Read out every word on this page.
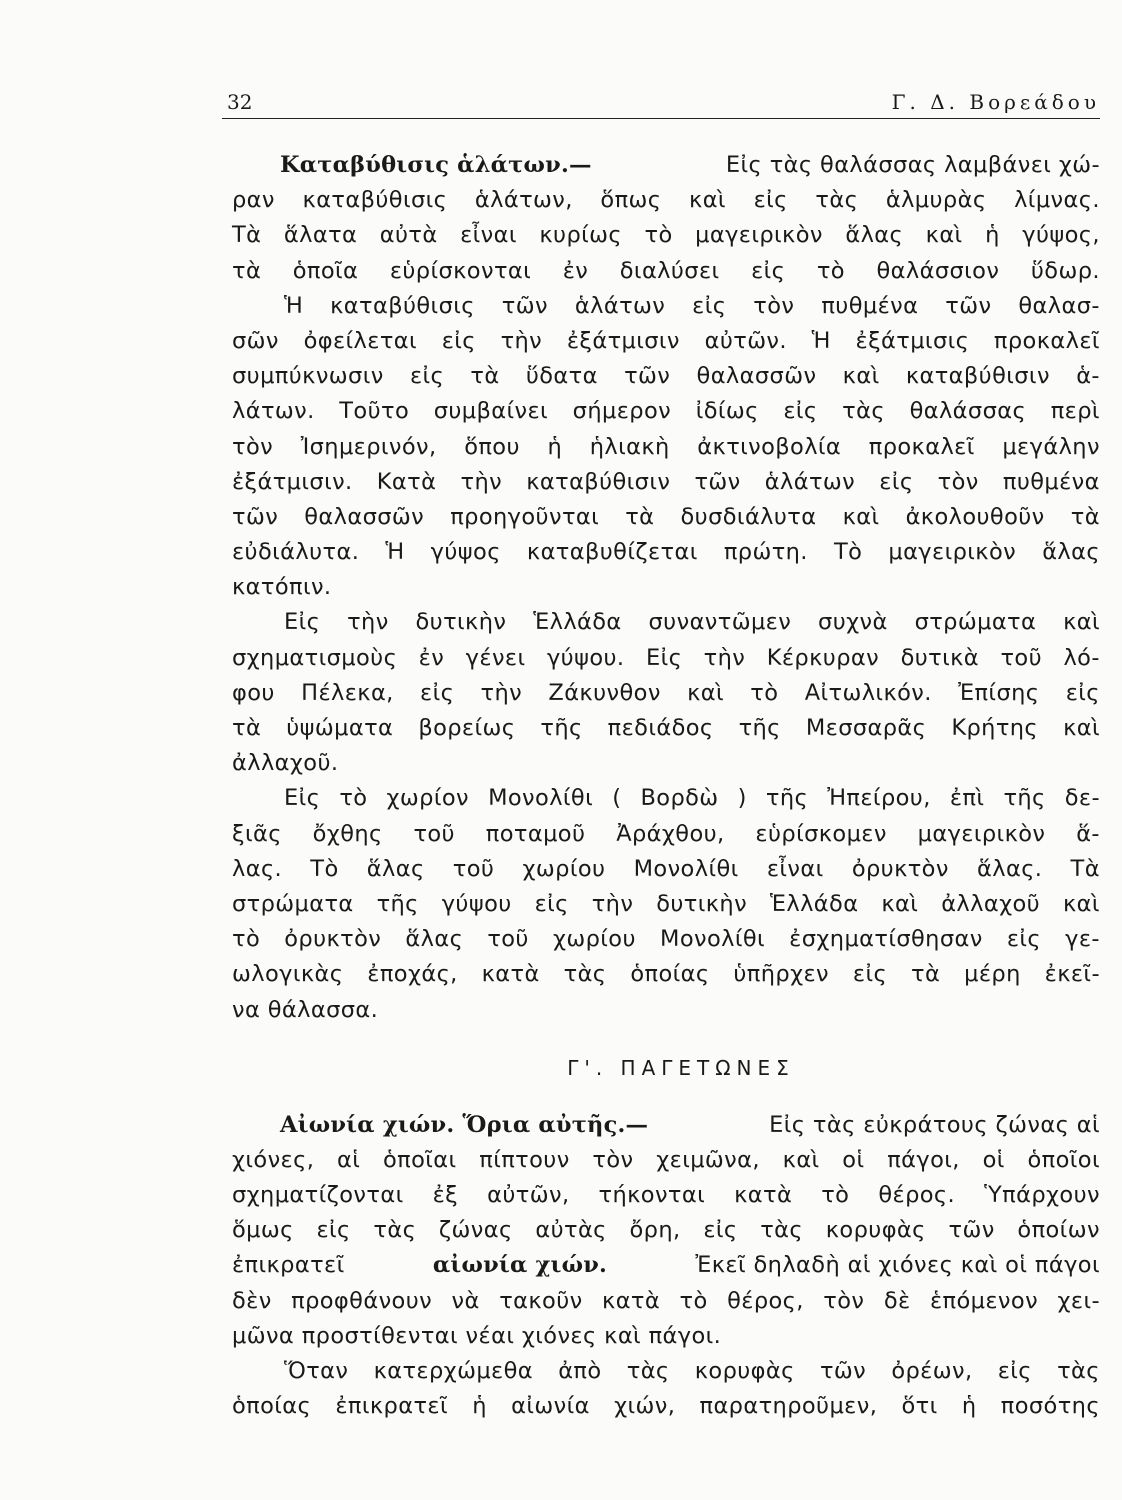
32	Γ. Δ. Βορεάδου
Καταβύθισις ἁλάτων.—	Εἰς τὰς θαλάσσας λαμβάνει χώ-
ραν καταβύθισις ἁλάτων, ὅπως καὶ εἰς τὰς ἁλμυρὰς λίμνας.
Τὰ ἅλατα αὐτὰ εἶναι κυρίως τὸ μαγειρικὸν ἅλας καὶ ἡ γύψος,
τὰ ὁποῖα εὑρίσκονται ἐν διαλύσει εἰς τὸ θαλάσσιον ὕδωρ.
Ἡ καταβύθισις τῶν ἁλάτων εἰς τὸν πυθμένα τῶν θαλασ-
σῶν ὀφείλεται εἰς τὴν ἐξάτμισιν αὐτῶν. Ἡ ἐξάτμισις προκαλεῖ
συμπύκνωσιν εἰς τὰ ὕδατα τῶν θαλασσῶν καὶ καταβύθισιν ἁ-
λάτων. Τοῦτο συμβαίνει σήμερον ἰδίως εἰς τὰς θαλάσσας περὶ
τὸν Ἰσημερινόν, ὅπου ἡ ἡλιακὴ ἀκτινοβολία προκαλεῖ μεγάλην
ἐξάτμισιν. Κατὰ τὴν καταβύθισιν τῶν ἁλάτων εἰς τὸν πυθμένα
τῶν θαλασσῶν προηγοῦνται τὰ δυσδιάλυτα καὶ ἀκολουθοῦν τὰ
εὐδιάλυτα. Ἡ γύψος καταβυθίζεται πρώτη. Τὸ μαγειρικὸν ἅλας
κατόπιν.
Εἰς τὴν δυτικὴν Ἑλλάδα συναντῶμεν συχνὰ στρώματα καὶ
σχηματισμοὺς ἐν γένει γύψου. Εἰς τὴν Κέρκυραν δυτικὰ τοῦ λό-
φου Πέλεκα, εἰς τὴν Ζάκυνθον καὶ τὸ Αἰτωλικόν. Ἐπίσης εἰς
τὰ ὑψώματα βορείως τῆς πεδιάδος τῆς Μεσσαρᾶς Κρήτης καὶ
ἀλλαχοῦ.
Εἰς τὸ χωρίον Μονολίθι ( Βορδὼ ) τῆς Ἠπείρου, ἐπὶ τῆς δε-
ξιᾶς ὄχθης τοῦ ποταμοῦ Ἀράχθου, εὑρίσκομεν μαγειρικὸν ἅ-
λας. Τὸ ἅλας τοῦ χωρίου Μονολίθι εἶναι ὀρυκτὸν ἅλας. Τὰ
στρώματα τῆς γύψου εἰς τὴν δυτικὴν Ἑλλάδα καὶ ἀλλαχοῦ καὶ
τὸ ὀρυκτὸν ἅλας τοῦ χωρίου Μονολίθι ἐσχηματίσθησαν εἰς γε-
ωλογικὰς ἐποχάς, κατὰ τὰς ὁποίας ὑπῆρχεν εἰς τὰ μέρη ἐκεῖ-
να θάλασσα.
Γ'. ΠΑΓΕΤΩΝΕΣ
Αἰωνία χιών. Ὅρια αὐτῆς.—	Εἰς τὰς εὐκράτους ζώνας αἱ
χιόνες, αἱ ὁποῖαι πίπτουν τὸν χειμῶνα, καὶ οἱ πάγοι, οἱ ὁποῖοι
σχηματίζονται ἐξ αὐτῶν, τήκονται κατὰ τὸ θέρος. Ὑπάρχουν
ὅμως εἰς τὰς ζώνας αὐτὰς ὄρη, εἰς τὰς κορυφὰς τῶν ὁποίων
ἐπικρατεῖ	αἰωνία χιών.	Ἐκεῖ δηλαδὴ αἱ χιόνες καὶ οἱ πάγοι
δὲν προφθάνουν νὰ τακοῦν κατὰ τὸ θέρος, τὸν δὲ ἑπόμενον χει-
μῶνα προστίθενται νέαι χιόνες καὶ πάγοι.
Ὅταν κατερχώμεθα ἀπὸ τὰς κορυφὰς τῶν ὀρέων, εἰς τὰς
ὁποίας ἐπικρατεῖ ἡ αἰωνία χιών, παρατηροῦμεν, ὅτι ἡ ποσότης
